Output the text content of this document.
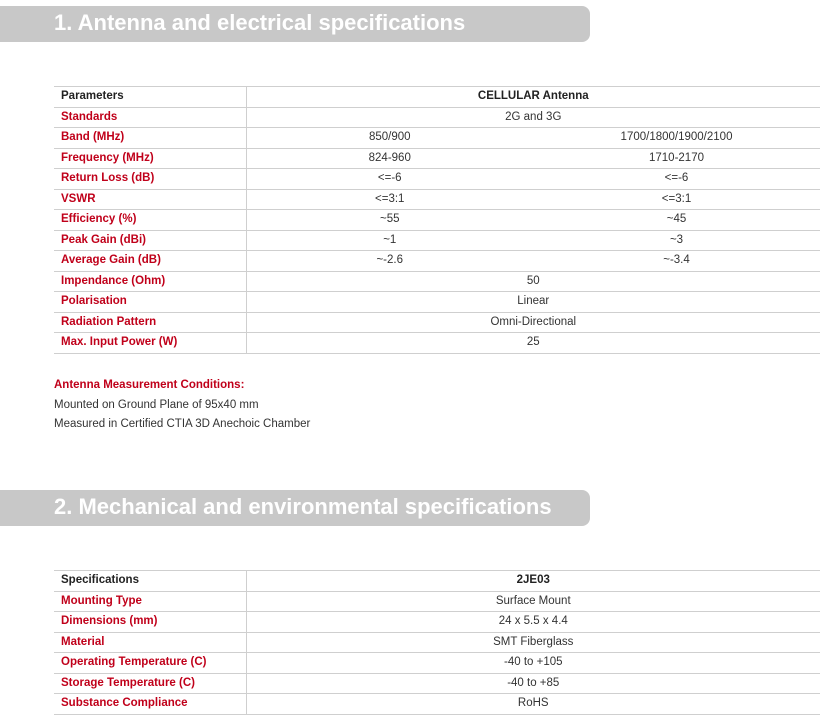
1. Antenna and electrical specifications
Parameters	CELLULAR Antenna	
Standards	2G and 3G	
Band (MHz)	850/900	1700/1800/1900/2100
Frequency (MHz)	824-960	1710-2170
Return Loss (dB)	<=-6	<=-6
VSWR	<=3:1	<=3:1
Efficiency (%)	~55	~45
Peak Gain (dBi)	~1	~3
Average Gain (dB)	~-2.6	~-3.4
Impendance (Ohm)	50	
Polarisation	Linear	
Radiation Pattern	Omni-Directional	
Max. Input Power (W)	25	
Antenna Measurement Conditions:
Mounted on Ground Plane of 95x40 mm
Measured in Certified CTIA 3D Anechoic Chamber
2. Mechanical and environmental specifications
Specifications	2JE03
Mounting Type	Surface Mount
Dimensions (mm)	24 x 5.5 x 4.4
Material	SMT Fiberglass
Operating Temperature (C)	-40 to +105
Storage Temperature (C)	-40 to +85
Substance Compliance	RoHS
